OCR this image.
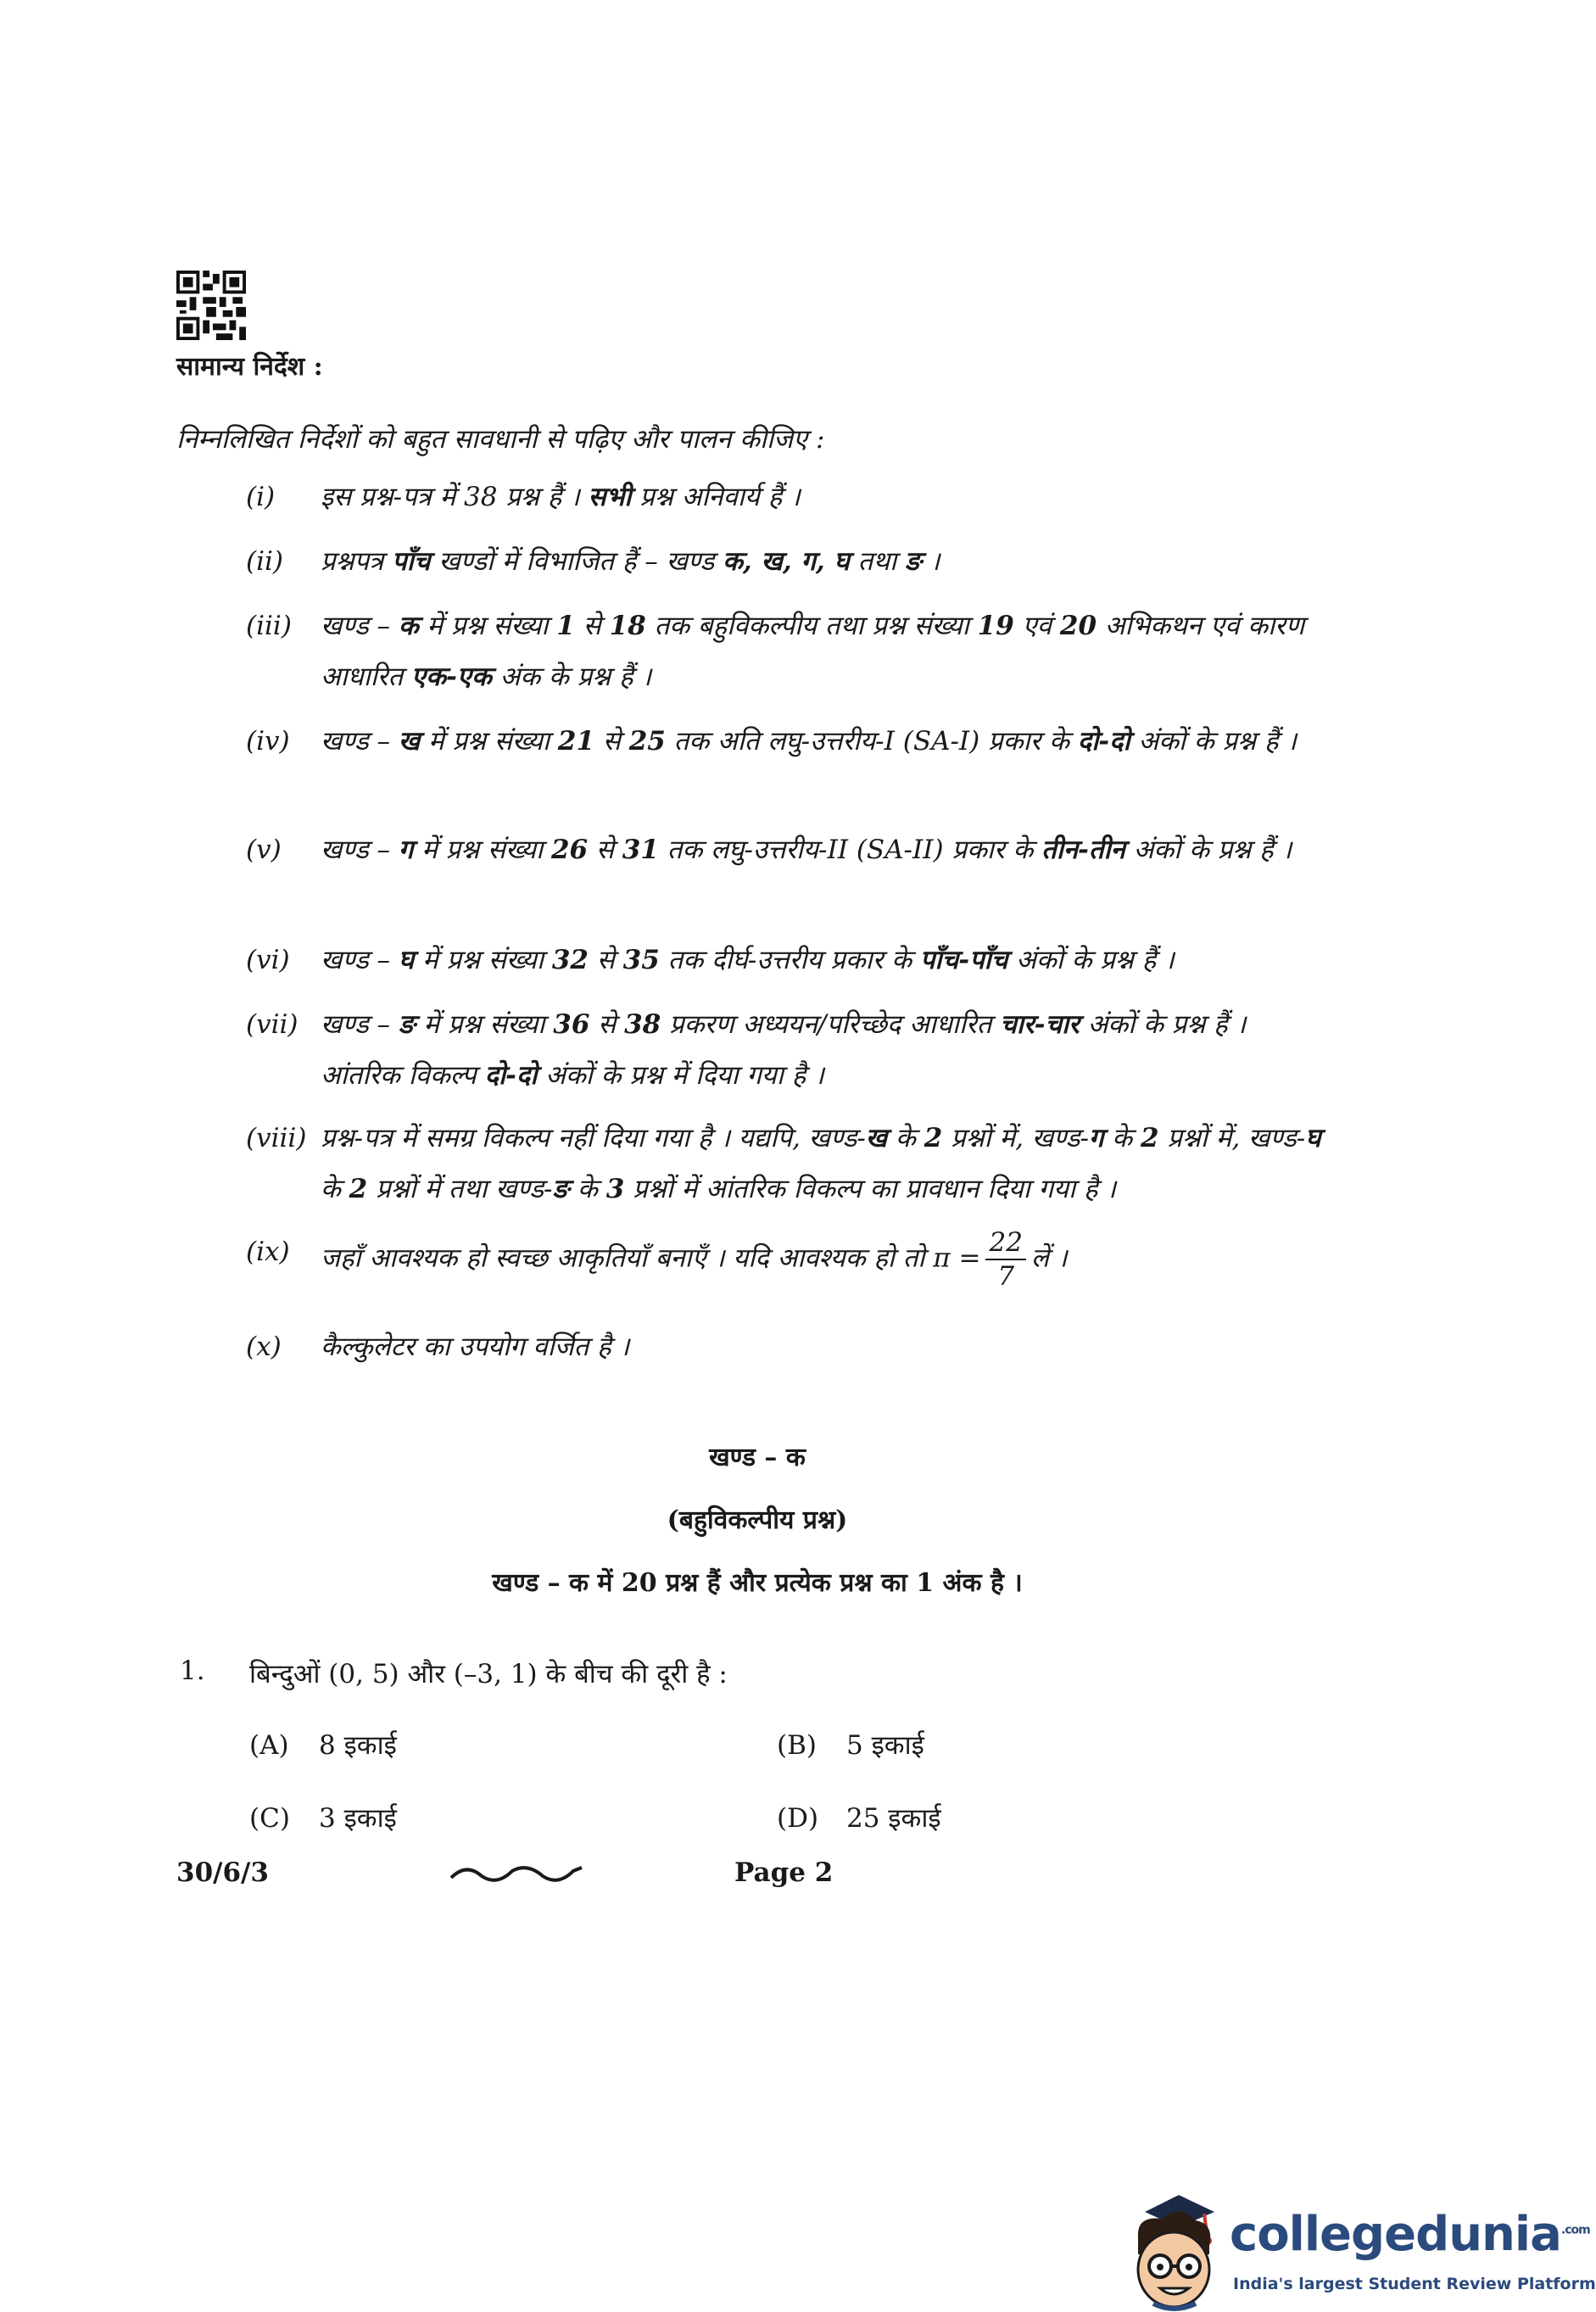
सामान्य निर्देश :
निम्नलिखित निर्देशों को बहुत सावधानी से पढ़िए और पालन कीजिए :
(i)	इस प्रश्न-पत्र में 38 प्रश्न हैं । सभी प्रश्न अनिवार्य हैं ।
(ii)	प्रश्नपत्र पाँच खण्डों में विभाजित हैं – खण्ड क, ख, ग, घ तथा ङ ।
(iii)	खण्ड – क में प्रश्न संख्या 1 से 18 तक बहुविकल्पीय तथा प्रश्न संख्या 19 एवं 20 अभिकथन एवं कारण आधारित एक-एक अंक के प्रश्न हैं ।
(iv)	खण्ड – ख में प्रश्न संख्या 21 से 25 तक अति लघु-उत्तरीय-I (SA-I) प्रकार के दो-दो अंकों के प्रश्न हैं ।
(v)	खण्ड – ग में प्रश्न संख्या 26 से 31 तक लघु-उत्तरीय-II (SA-II) प्रकार के तीन-तीन अंकों के प्रश्न हैं ।
(vi)	खण्ड – घ में प्रश्न संख्या 32 से 35 तक दीर्घ-उत्तरीय प्रकार के पाँच-पाँच अंकों के प्रश्न हैं ।
(vii) खण्ड – ङ में प्रश्न संख्या 36 से 38 प्रकरण अध्ययन/परिच्छेद आधारित चार-चार अंकों के प्रश्न हैं । आंतरिक विकल्प दो-दो अंकों के प्रश्न में दिया गया है ।
(viii) प्रश्न-पत्र में समग्र विकल्प नहीं दिया गया है । यद्यपि, खण्ड-ख के 2 प्रश्नों में, खण्ड-ग के 2 प्रश्नों में, खण्ड-घ के 2 प्रश्नों में तथा खण्ड-ङ के 3 प्रश्नों में आंतरिक विकल्प का प्रावधान दिया गया है ।
(ix)	जहाँ आवश्यक हो स्वच्छ आकृतियाँ बनाएँ । यदि आवश्यक हो तो $\pi = \frac{22}{7}$ लें ।
(x)	कैल्कुलेटर का उपयोग वर्जित है ।
खण्ड – क
(बहुविकल्पीय प्रश्न)
खण्ड – क में 20 प्रश्न हैं और प्रत्येक प्रश्न का 1 अंक है ।
1. बिन्दुओं (0, 5) और (–3, 1) के बीच की दूरी है :
(A) 8 इकाई	(B) 5 इकाई
(C) 3 इकाई	(D) 25 इकाई
30/6/3	Page 2
collegedunia$^{.com}$
India's largest Student Review Platform
